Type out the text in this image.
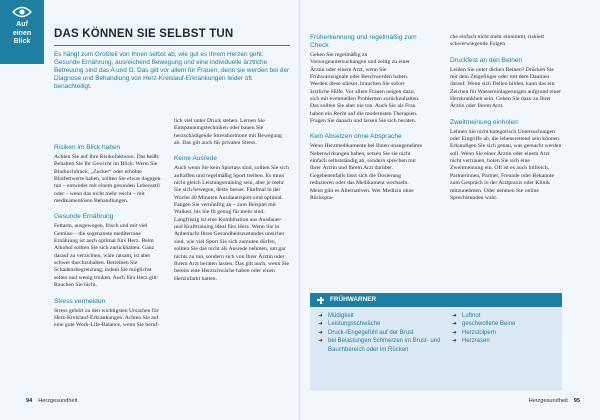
Auf
einen
Blick
DAS KÖNNEN SIE SELBST TUN

Es hängt zum Großteil von Ihnen selbst ab, wie gut es Ihrem Herzen geht. Gesunde Ernährung, ausreichend Bewegung und eine individuelle ärztliche Betreuung sind das A und O. Das gilt vor allem für Frauen, denn sie werden bei der Diagnose und Behandlung von Herz-Kreislauf-Erkrankungen leider oft benachteiligt.

Risiken im Blick haben

Achten Sie auf Ihre Risikofaktoren. Das heißt: Behalten Sie Ihr Gewicht im Blick. Wenn Sie Bluthochdruck, „Zucker“ oder erhöhte Blutfettwerte haben, sollten Sie etwas dagegen tun – entweder mit einem gesunden Lebensstil oder – wenn das nicht mehr reicht – mit medikamentösen Behandlungen.

Gesunde Ernährung

Fettarm, ausgewogen, frisch und mit viel Gemüse – die sogenannte mediterrane Ernährung ist auch optimal fürs Herz. Beim Alkohol sollten Sie sich zurückhalten. Ganz darauf zu verzichten, wäre ratsam, ist aber schwer durchzuhalten. Betreiben Sie Schadensbegrenzung, indem Sie möglichst selten und wenig trinken. Auch fürs Herz gilt: Rauchen Sie nicht.

Stress vermeiden

Stress gehört zu den wichtigsten Ursachen für Herz-Kreislauf-Erkrankungen. Achten Sie auf eine gute Work-Life-Balance, wenn Sie beruf-

lich viel unter Druck stehen. Lernen Sie Entspannungstechniken oder bauen Sie herzschädigende Stresshormone mit Bewegung ab. Das gilt auch für privaten Stress.

Keine Ausrede

Auch wenn Sie kein Sportass sind, sollten Sie sich aufraffen und regelmäßig Sport treiben. Es muss nicht gleich Leistungstraining sein, aber je mehr Sie sich bewegen, desto besser. Fünfmal in der Woche 40 Minuten Ausdauersport sind optimal. Fangen Sie vernünftig an – zum Beispiel mit Walken, bis Sie fit genug für mehr sind. Langfristig ist eine Kombination aus Ausdauer- und Krafttraining ideal fürs Herz. Wenn Sie in Anbetracht Ihres Gesundheitszustandes unsicher sind, wie viel Sport Sie sich zumuten dürfen, sollten Sie das nicht als Ausrede nehmen, um gar nichts zu tun, sondern sich von Ihrer Ärztin oder Ihrem Arzt beraten lassen. Das gilt auch, wenn Sie bereits eine Herzschwäche haben oder einen Herzinfarkt hatten.

Früherkennung und regelmäßig zum Check

Gehen Sie regelmäßig zu Vorsorgeuntersuchungen und zeitig zu einer Ärztin oder einem Arzt, wenn Sie Frühwarnsignale oder Beschwerden haben. Werden diese stärker, brauchen Sie sofort ärztliche Hilfe. Vor allem Frauen neigen dazu, sich mit eventuellen Problemen zurückzuhalten. Das sollten Sie aber nie tun. Auch Sie als Frau haben ein Recht auf die modernsten Therapien. Fragen Sie danach und lassen Sie sich beraten.

Kein Absetzen ohne Absprache

Wenn Herzmedikamente bei Ihnen unangenehme Nebenwirkungen haben, setzen Sie sie nicht einfach selbstständig ab, sondern sprechen mit Ihrer Ärztin und Ihrem Arzt darüber. Gegebenenfalls lässt sich die Dosierung reduzieren oder das Medikament wechseln. Meist gibt es Alternativen. Wer Medizin ohne Rückspra-

che einfach nicht mehr einnimmt, riskiert schwerwiegende Folgen.

Druckfest an den Beinen

Leiden Sie unter dicken Beinen? Drücken Sie mit dem Zeigefinger oder mit dem Daumen darauf. Wenn sich Dellen bilden, kann das ein Zeichen für Wassereinlagerungen aufgrund einer Herzkrankheit sein. Gehen Sie dazu zu Ihrer Ärztin oder Ihrem Arzt.

Zweitmeinung einholen

Lehnen Sie nicht kategorisch Untersuchungen oder Eingriffe ab, die lebensrettend sein können. Erkundigen Sie sich genau, was gemacht werden soll. Wenn Sie einer Ärztin oder einem Arzt nicht vertrauen, holen Sie sich eine Zweitmeinung ein. Oft ist es auch hilfreich, Partnerinnen, Partner, Freunde oder Bekannte zum Gespräch in der Arztpraxis oder Klinik mitzunehmen. Oder nehmen Sie online Sprechstunden wahr.

FRÜHWARNER
➜ Müdigkeit
➜ Leistungsschwäche
➜ Druck-/Engegefühl auf der Brust
➜ bei Belastungen Schmerzen im Brust- und Bauchbereich oder im Rücken
➜ Luftnot
➜ geschwollene Beine
➜ Herzstolpern
➜ Herzrasen
94 Herzgesundheit	Herzgesundheit 95
